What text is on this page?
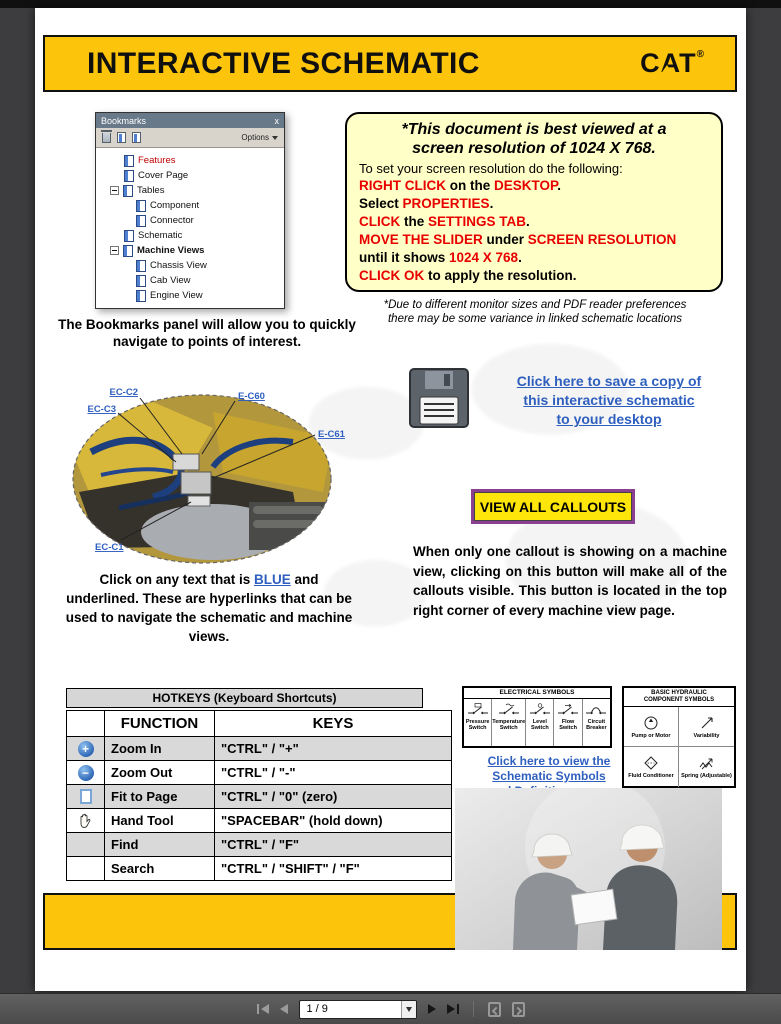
INTERACTIVE SCHEMATIC	CAT®
Bookmarks	x
Options
Features
Cover Page
Tables
Component
Connector
Schematic
Machine Views
Chassis View
Cab View
Engine View
The Bookmarks panel will allow you to quickly navigate to points of interest.
*This document is best viewed at a
screen resolution of 1024 X 768.
To set your screen resolution do the following:
RIGHT CLICK on the DESKTOP.
Select PROPERTIES.
CLICK the SETTINGS TAB.
MOVE THE SLIDER under SCREEN RESOLUTION
until it shows 1024 X 768.
CLICK OK to apply the resolution.
*Due to different monitor sizes and PDF reader preferences
there may be some variance in linked schematic locations
Click here to save a copy of
this interactive schematic
to your desktop
EC-C2
EC-C3
E-C60
E-C61
EC-C1
Click on any text that is BLUE and underlined. These are hyperlinks that can be used to navigate the schematic and machine views.
VIEW ALL CALLOUTS
When only one callout is showing on a machine view, clicking on this button will make all of the callouts visible. This button is located in the top right corner of every machine view page.
HOTKEYS (Keyboard Shortcuts)
	FUNCTION	KEYS

+	Zoom In	"CTRL" / "+"

−	Zoom Out	"CTRL" / "-"

	Fit to Page	"CTRL" / "0" (zero)

	Hand Tool	"SPACEBAR" (hold down)
	Find	"CTRL" / "F"
	Search	"CTRL" / "SHIFT" / "F"
ELECTRICAL SYMBOLS
Pressure Switch
Temperature Switch
Level Switch
Flow Switch
Circuit Breaker
BASIC HYDRAULIC
COMPONENT SYMBOLS
Pump or Motor	Variability
Fluid Conditioner Spring (Adjustable)
Click here to view the
Schematic Symbols
1 / 9
